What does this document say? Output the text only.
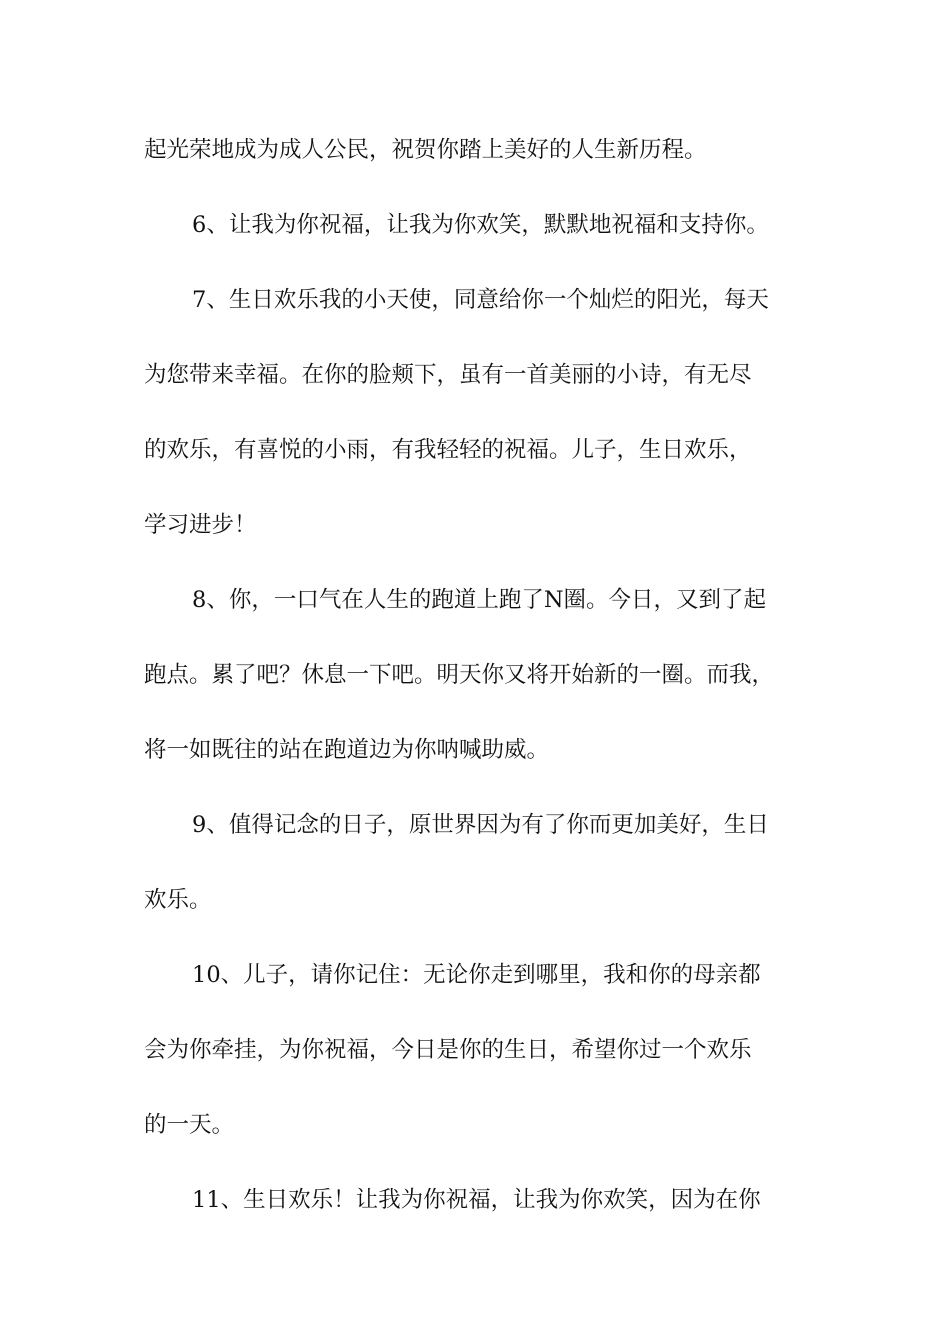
起光荣地成为成人公民，祝贺你踏上美好的人生新历程。
6、让我为你祝福，让我为你欢笑，默默地祝福和支持你。
7、生日欢乐我的小天使，同意给你一个灿烂的阳光，每天
为您带来幸福。在你的脸颊下，虽有一首美丽的小诗，有无尽
的欢乐，有喜悦的小雨，有我轻轻的祝福。儿子，生日欢乐，
学习进步！
8、你，一口气在人生的跑道上跑了N圈。今日，又到了起
跑点。累了吧？休息一下吧。明天你又将开始新的一圈。而我，
将一如既往的站在跑道边为你呐喊助威。
9、值得记念的日子，原世界因为有了你而更加美好，生日
欢乐。
10、儿子，请你记住：无论你走到哪里，我和你的母亲都
会为你牵挂，为你祝福，今日是你的生日，希望你过一个欢乐
的一天。
11、生日欢乐！让我为你祝福，让我为你欢笑，因为在你
